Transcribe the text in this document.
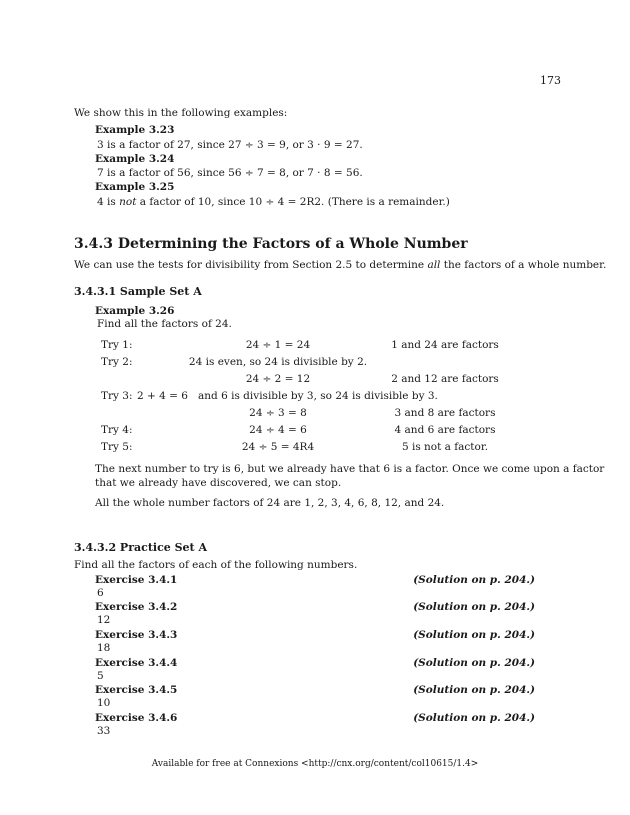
173
We show this in the following examples:
Example 3.23
3 is a factor of 27, since 27 ÷ 3 = 9, or 3 · 9 = 27.
Example 3.24
7 is a factor of 56, since 56 ÷ 7 = 8, or 7 · 8 = 56.
Example 3.25
4 is not a factor of 10, since 10 ÷ 4 = 2R2. (There is a remainder.)
3.4.3 Determining the Factors of a Whole Number
We can use the tests for divisibility from Section 2.5 to determine all the factors of a whole number.
3.4.3.1 Sample Set A
Example 3.26
Find all the factors of 24.
Try 1:	24 ÷ 1 = 24	1 and 24 are factors
Try 2:	24 is even, so 24 is divisible by 2.
24 ÷ 2 = 12	2 and 12 are factors
Try 3: 2 + 4 = 6   and 6 is divisible by 3, so 24 is divisible by 3.
24 ÷ 3 = 8	3 and 8 are factors
Try 4:	24 ÷ 4 = 6	4 and 6 are factors
Try 5:	24 ÷ 5 = 4R4	5 is not a factor.
The next number to try is 6, but we already have that 6 is a factor. Once we come upon a factor
that we already have discovered, we can stop.
All the whole number factors of 24 are 1, 2, 3, 4, 6, 8, 12, and 24.
3.4.3.2 Practice Set A
Find all the factors of each of the following numbers.
Exercise 3.4.1	(Solution on p. 204.)
6
Exercise 3.4.2	(Solution on p. 204.)
12
Exercise 3.4.3	(Solution on p. 204.)
18
Exercise 3.4.4	(Solution on p. 204.)
5
Exercise 3.4.5	(Solution on p. 204.)
10
Exercise 3.4.6	(Solution on p. 204.)
33
Available for free at Connexions <http://cnx.org/content/col10615/1.4>
